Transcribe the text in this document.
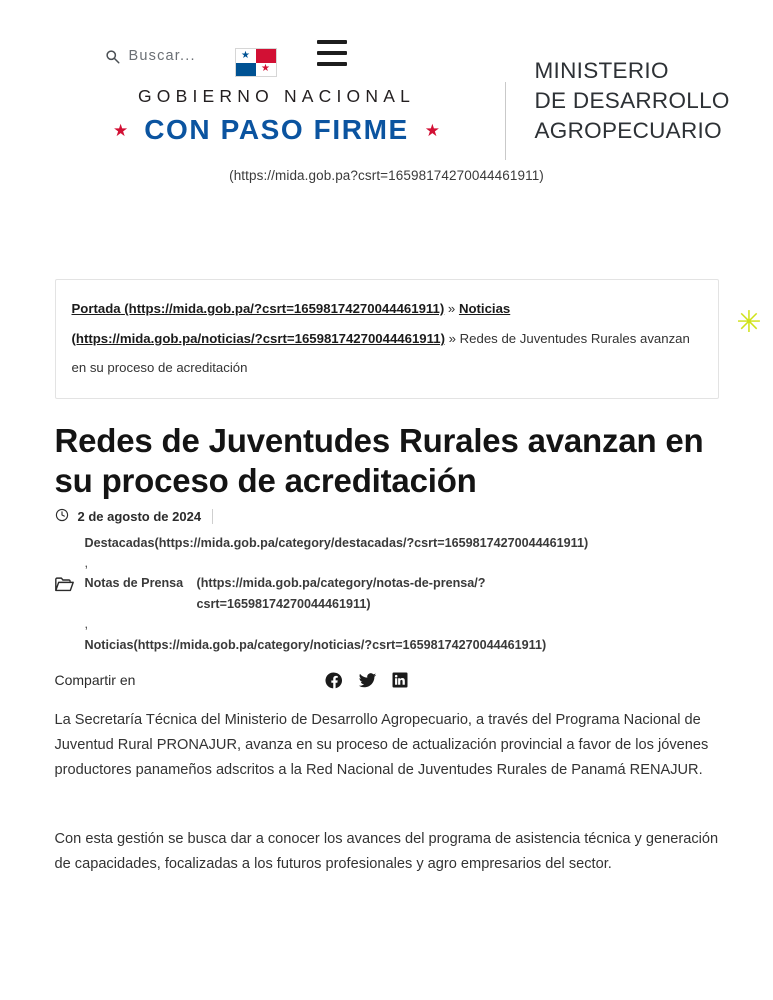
Buscar...	★
★
GOBIERNO NACIONAL
★ CON PASO FIRME ★
MINISTERIO
DE DESARROLLO
AGROPECUARIO
(https://mida.gob.pa?csrt=16598174270044461911)
Portada (https://mida.gob.pa/?csrt=16598174270044461911) » Noticias
(https://mida.gob.pa/noticias/?csrt=16598174270044461911) » Redes de Juventudes Rurales avanzan en su proceso de acreditación
✳
Redes de Juventudes Rurales avanzan en su proceso de acreditación
2 de agosto de 2024
Destacadas(https://mida.gob.pa/category/destacadas/?csrt=16598174270044461911)
,
Notas de Prensa	(https://mida.gob.pa/category/notas-de-prensa/?
csrt=16598174270044461911)
,
Noticias(https://mida.gob.pa/category/noticias/?csrt=16598174270044461911)
Compartir en

La Secretaría Técnica del Ministerio de Desarrollo Agropecuario, a través del Programa Nacional de Juventud Rural PRONAJUR, avanza en su proceso de actualización provincial a favor de los jóvenes productores panameños adscritos a la Red Nacional de Juventudes Rurales de Panamá RENAJUR.

Con esta gestión se busca dar a conocer los avances del programa de asistencia técnica y generación de capacidades, focalizadas a los futuros profesionales y agro empresarios del sector.
